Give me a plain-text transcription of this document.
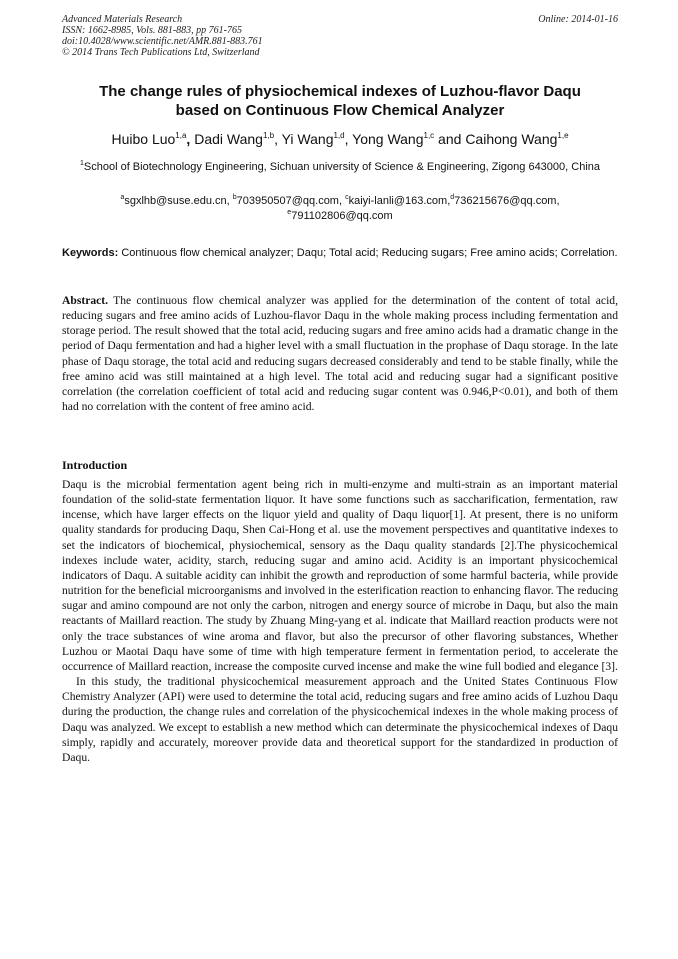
Advanced Materials Research
ISSN: 1662-8985, Vols. 881-883, pp 761-765
doi:10.4028/www.scientific.net/AMR.881-883.761
© 2014 Trans Tech Publications Ltd, Switzerland
Online: 2014-01-16
The change rules of physiochemical indexes of Luzhou-flavor Daqu
based on Continuous Flow Chemical Analyzer
Huibo Luo$^{1,a}$, Dadi Wang$^{1,b}$, Yi Wang$^{1,d}$, Yong Wang$^{1,c}$ and Caihong Wang$^{1,e}$
$^1$School of Biotechnology Engineering, Sichuan university of Science & Engineering, Zigong 643000, China
$^a$sgxlhb@suse.edu.cn, $^b$703950507@qq.com, $^c$kaiyi-lanli@163.com,$^d$736215676@qq.com,
$^e$791102806@qq.com
Keywords: Continuous flow chemical analyzer; Daqu; Total acid; Reducing sugars; Free amino acids; Correlation.
Abstract. The continuous flow chemical analyzer was applied for the determination of the content of total acid, reducing sugars and free amino acids of Luzhou-flavor Daqu in the whole making process including fermentation and storage period. The result showed that the total acid, reducing sugars and free amino acids had a dramatic change in the period of Daqu fermentation and had a higher level with a small fluctuation in the prophase of Daqu storage. In the late phase of Daqu storage, the total acid and reducing sugars decreased considerably and tend to be stable finally, while the free amino acid was still maintained at a high level. The total acid and reducing sugar had a significant positive correlation (the correlation coefficient of total acid and reducing sugar content was 0.946,P<0.01), and both of them had no correlation with the content of free amino acid.
Introduction

Daqu is the microbial fermentation agent being rich in multi-enzyme and multi-strain as an important material foundation of the solid-state fermentation liquor. It have some functions such as saccharification, fermentation, raw incense, which have larger effects on the liquor yield and quality of Daqu liquor[1]. At present, there is no uniform quality standards for producing Daqu, Shen Cai-Hong et al. use the movement perspectives and quantitative indexes to set the indicators of biochemical, physiochemical, sensory as the Daqu quality standards [2].The physicochemical indexes include water, acidity, starch, reducing sugar and amino acid. Acidity is an important physicochemical indicators of Daqu. A suitable acidity can inhibit the growth and reproduction of some harmful bacteria, while provide nutrition for the beneficial microorganisms and involved in the esterification reaction to enhancing flavor. The reducing sugar and amino compound are not only the carbon, nitrogen and energy source of microbe in Daqu, but also the main reactants of Maillard reaction. The study by Zhuang Ming-yang et al. indicate that Maillard reaction products were not only the trace substances of wine aroma and flavor, but also the precursor of other flavoring substances, Whether Luzhou or Maotai Daqu have some of time with high temperature ferment in fermentation period, to accelerate the occurrence of Maillard reaction, increase the composite curved incense and make the wine full bodied and elegance [3].

In this study, the traditional physicochemical measurement approach and the United States Continuous Flow Chemistry Analyzer (API) were used to determine the total acid, reducing sugars and free amino acids of Luzhou Daqu during the production, the change rules and correlation of the physicochemical indexes in the whole making process of Daqu was analyzed. We except to establish a new method which can determinate the physicochemical indexes of Daqu simply, rapidly and accurately, moreover provide data and theoretical support for the standardized in production of Daqu.
